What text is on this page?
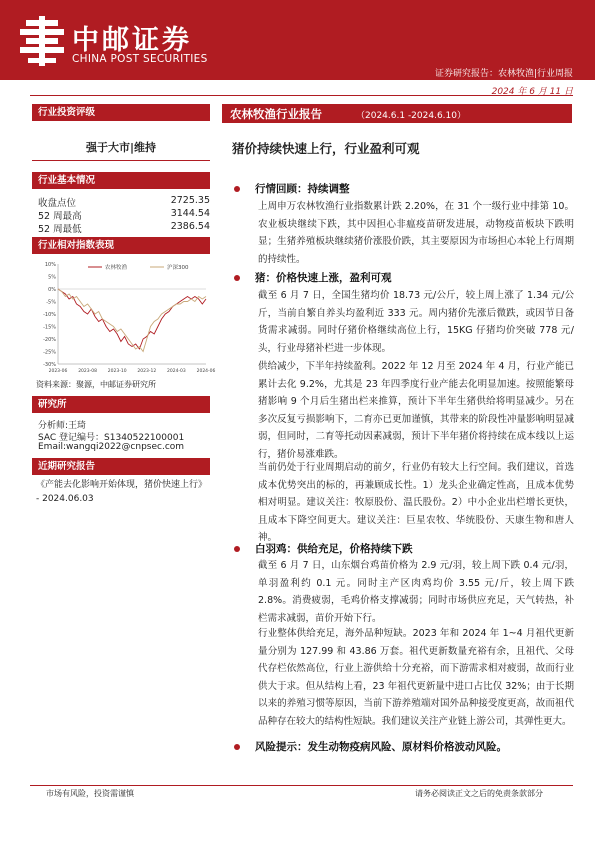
中邮证券
CHINA POST SECURITIES
证券研究报告：农林牧渔|行业周报
2024 年 6 月 11 日
行业投资评级
强于大市|维持
行业基本情况
收盘点位	2725.35
52 周最高	3144.54
52 周最低	2386.54
行业相对指数表现
10%
5%
0%
-5%
-10%
-15%
-20%
-25%
-30%
2023-06 2023-08 2023-10 2023-12 2024-03 2024-06
农林牧渔	沪深300
资料来源：聚源，中邮证券研究所
研究所
分析师:王琦
SAC 登记编号：S1340522100001
Email:wangqi2022@cnpsec.com
近期研究报告
《产能去化影响开始体现，猪价快速上行》 - 2024.06.03
农林牧渔行业报告	（2024.6.1 -2024.6.10）
猪价持续快速上行，行业盈利可观
行情回顾：持续调整

上周申万农林牧渔行业指数累计跌 2.20%，在 31 个一级行业中排第 10。农业板块继续下跌，其中因担心非瘟疫苗研发进展，动物疫苗板块下跌明显；生猪养殖板块继续猪价涨股价跌，其主要原因为市场担心本轮上行周期的持续性。

猪：价格快速上涨，盈利可观

截至 6 月 7 日，全国生猪均价 18.73 元/公斤，较上周上涨了 1.34 元/公斤，当前自繁自养头均盈利近 333 元。周内猪价先涨后微跌，或因节日备货需求减弱。同时仔猪价格继续高位上行，15KG 仔猪均价突破 778 元/头，行业母猪补栏进一步体现。

供给减少，下半年持续盈利。2022 年 12 月至 2024 年 4 月，行业产能已累计去化 9.2%，尤其是 23 年四季度行业产能去化明显加速。按照能繁母猪影响 9 个月后生猪出栏来推算，预计下半年生猪供给将明显减少。另在多次反复亏损影响下，二育亦已更加谨慎，其带来的阶段性冲量影响明显减弱，但同时，二育等托动因素减弱，预计下半年猪价将持续在成本线以上运行，猪价易涨难跌。

当前仍处于行业周期启动的前夕，行业仍有较大上行空间。我们建议，首选成本优势突出的标的，再兼顾成长性。1）龙头企业确定性高，且成本优势相对明显。建议关注：牧原股份、温氏股份。2）中小企业出栏增长更快，且成本下降空间更大。建议关注：巨星农牧、华统股份、天康生物和唐人神。

白羽鸡：供给充足，价格持续下跌

截至 6 月 7 日，山东烟台鸡苗价格为 2.9 元/羽，较上周下跌 0.4 元/羽，单羽盈利约 0.1 元。同时主产区肉鸡均价 3.55 元/斤，较上周下跌 2.8%。消费疲弱，毛鸡价格支撑减弱；同时市场供应充足，天气转热，补栏需求减弱，苗价开始下行。

行业整体供给充足，海外品种短缺。2023 年和 2024 年 1~4 月祖代更新量分别为 127.99 和 43.86 万套。祖代更新数量充裕有余，且祖代、父母代存栏依然高位，行业上游供给十分充裕，而下游需求相对疲弱，故而行业供大于求。但从结构上看，23 年祖代更新量中进口占比仅 32%；由于长期以来的养殖习惯等原因，当前下游养殖端对国外品种接受度更高，故而祖代品种存在较大的结构性短缺。我们建议关注产业链上游公司，其弹性更大。

风险提示：发生动物疫病风险、原材料价格波动风险。
市场有风险，投资需谨慎	请务必阅读正文之后的免责条款部分
